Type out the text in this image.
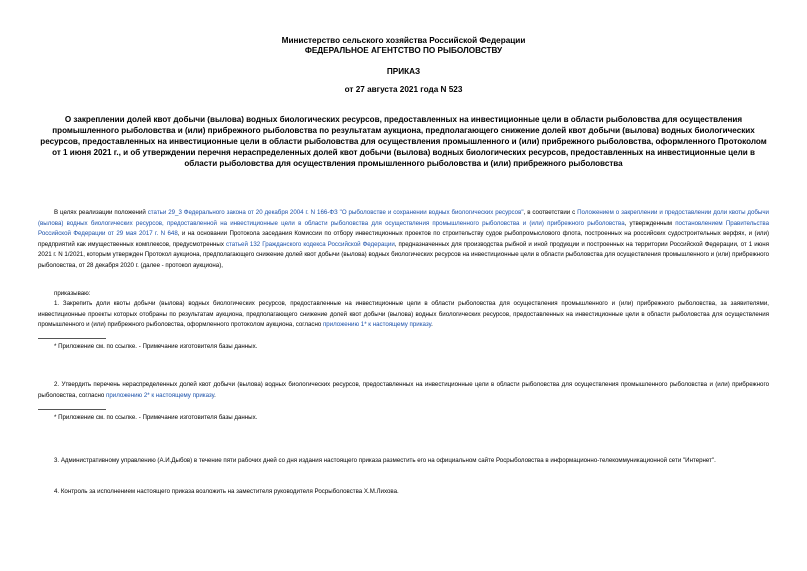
Министерство сельского хозяйства Российской Федерации
ФЕДЕРАЛЬНОЕ АГЕНТСТВО ПО РЫБОЛОВСТВУ
ПРИКАЗ
от 27 августа 2021 года N 523
О закреплении долей квот добычи (вылова) водных биологических ресурсов, предоставленных на инвестиционные цели в области рыболовства для осуществления промышленного рыболовства и (или) прибрежного рыболовства по результатам аукциона, предполагающего снижение долей квот добычи (вылова) водных биологических ресурсов, предоставленных на инвестиционные цели в области рыболовства для осуществления промышленного и (или) прибрежного рыболовства, оформленного Протоколом от 1 июня 2021 г., и об утверждении перечня нераспределенных долей квот добычи (вылова) водных биологических ресурсов, предоставленных на инвестиционные цели в области рыболовства для осуществления промышленного рыболовства и (или) прибрежного рыболовства
В целях реализации положений статьи 29_3 Федерального закона от 20 декабря 2004 г. N 166-ФЗ "О рыболовстве и сохранении водных биологических ресурсов", в соответствии с Положением о закреплении и предоставлении доли квоты добычи (вылова) водных биологических ресурсов, предоставленной на инвестиционные цели в области рыболовства для осуществления промышленного рыболовства и (или) прибрежного рыболовства, утвержденным постановлением Правительства Российской Федерации от 29 мая 2017 г. N 648, и на основании Протокола заседания Комиссии по отбору инвестиционных проектов по строительству судов рыбопромыслового флота, построенных на российских судостроительных верфях, и (или) предприятий как имущественных комплексов, предусмотренных статьей 132 Гражданского кодекса Российской Федерации, предназначенных для производства рыбной и иной продукции и построенных на территории Российской Федерации, от 1 июня 2021 г. N 1/2021, которым утвержден Протокол аукциона, предполагающего снижение долей квот добычи (вылова) водных биологических ресурсов на инвестиционные цели в области рыболовства для осуществления промышленного и (или) прибрежного рыболовства, от 28 декабря 2020 г. (далее - протокол аукциона),
приказываю:
1. Закрепить доли квоты добычи (вылова) водных биологических ресурсов, предоставленные на инвестиционные цели в области рыболовства для осуществления промышленного и (или) прибрежного рыболовства, за заявителями, инвестиционные проекты которых отобраны по результатам аукциона, предполагающего снижение долей квот добычи (вылова) водных биологических ресурсов, предоставленных на инвестиционные цели в области рыболовства для осуществления промышленного и (или) прибрежного рыболовства, оформленного протоколом аукциона, согласно приложению 1* к настоящему приказу.
* Приложение см. по ссылке. - Примечание изготовителя базы данных.
2. Утвердить перечень нераспределенных долей квот добычи (вылова) водных биологических ресурсов, предоставленных на инвестиционные цели в области рыболовства для осуществления промышленного рыболовства и (или) прибрежного рыболовства, согласно приложению 2* к настоящему приказу.
* Приложение см. по ссылке. - Примечание изготовителя базы данных.
3. Административному управлению (А.И.Дыбов) в течение пяти рабочих дней со дня издания настоящего приказа разместить его на официальном сайте Росрыболовства в информационно-телекоммуникационной сети "Интернет".
4. Контроль за исполнением настоящего приказа возложить на заместителя руководителя Росрыболовства Х.М.Лихова.
